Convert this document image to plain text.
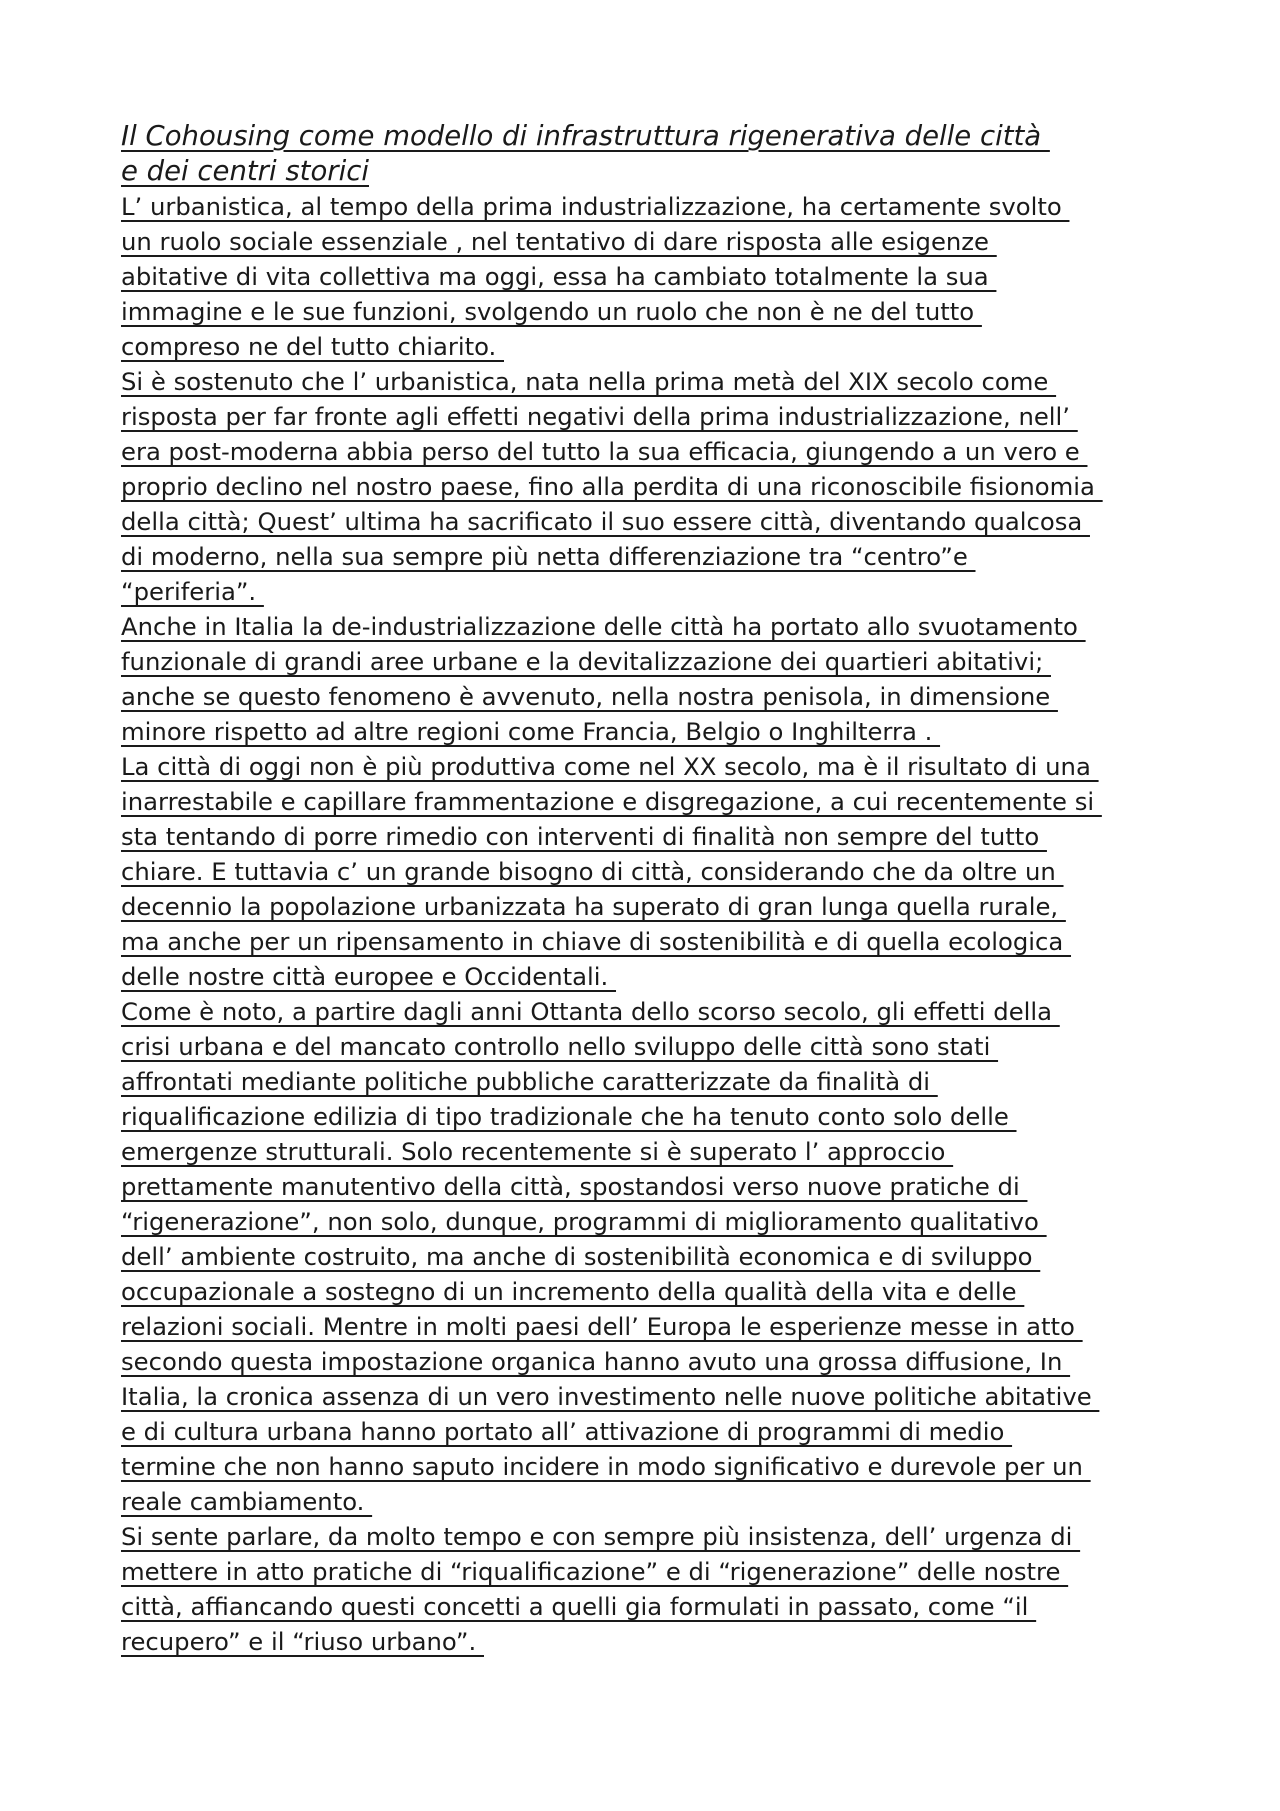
Il Cohousing come modello di infrastruttura rigenerativa delle città
e dei centri storici
L’ urbanistica, al tempo della prima industrializzazione, ha certamente svolto
un ruolo sociale essenziale , nel tentativo di dare risposta alle esigenze
abitative di vita collettiva ma oggi, essa ha cambiato totalmente la sua
immagine e le sue funzioni, svolgendo un ruolo che non è ne del tutto
compreso ne del tutto chiarito.
Si è sostenuto che l’ urbanistica, nata nella prima metà del XIX secolo come
risposta per far fronte agli effetti negativi della prima industrializzazione, nell’
era post-moderna abbia perso del tutto la sua efficacia, giungendo a un vero e
proprio declino nel nostro paese, fino alla perdita di una riconoscibile fisionomia
della città; Quest’ ultima ha sacrificato il suo essere città, diventando qualcosa
di moderno, nella sua sempre più netta differenziazione tra “centro”e
“periferia”.
Anche in Italia la de-industrializzazione delle città ha portato allo svuotamento
funzionale di grandi aree urbane e la devitalizzazione dei quartieri abitativi;
anche se questo fenomeno è avvenuto, nella nostra penisola, in dimensione
minore rispetto ad altre regioni come Francia, Belgio o Inghilterra .
La città di oggi non è più produttiva come nel XX secolo, ma è il risultato di una
inarrestabile e capillare frammentazione e disgregazione, a cui recentemente si
sta tentando di porre rimedio con interventi di finalità non sempre del tutto
chiare. E tuttavia c’ un grande bisogno di città, considerando che da oltre un
decennio la popolazione urbanizzata ha superato di gran lunga quella rurale,
ma anche per un ripensamento in chiave di sostenibilità e di quella ecologica
delle nostre città europee e Occidentali.
Come è noto, a partire dagli anni Ottanta dello scorso secolo, gli effetti della
crisi urbana e del mancato controllo nello sviluppo delle città sono stati
affrontati mediante politiche pubbliche caratterizzate da finalità di
riqualificazione edilizia di tipo tradizionale che ha tenuto conto solo delle
emergenze strutturali. Solo recentemente si è superato l’ approccio
prettamente manutentivo della città, spostandosi verso nuove pratiche di
“rigenerazione”, non solo, dunque, programmi di miglioramento qualitativo
dell’ ambiente costruito, ma anche di sostenibilità economica e di sviluppo
occupazionale a sostegno di un incremento della qualità della vita e delle
relazioni sociali. Mentre in molti paesi dell’ Europa le esperienze messe in atto
secondo questa impostazione organica hanno avuto una grossa diffusione, In
Italia, la cronica assenza di un vero investimento nelle nuove politiche abitative
e di cultura urbana hanno portato all’ attivazione di programmi di medio
termine che non hanno saputo incidere in modo significativo e durevole per un
reale cambiamento.
Si sente parlare, da molto tempo e con sempre più insistenza, dell’ urgenza di
mettere in atto pratiche di “riqualificazione” e di “rigenerazione” delle nostre
città, affiancando questi concetti a quelli gia formulati in passato, come “il
recupero” e il “riuso urbano”.
